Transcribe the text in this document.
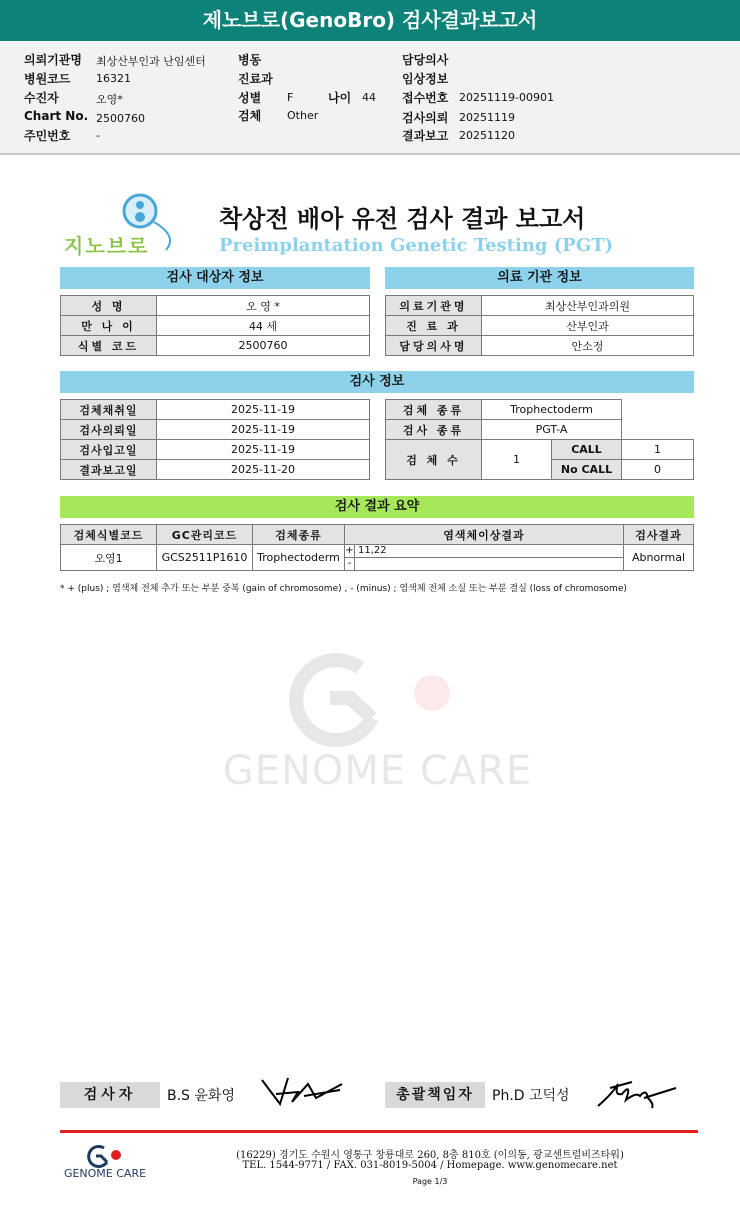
제노브로(GenoBro) 검사결과보고서
의뢰기관명 최상산부인과 난임센터
병원코드 16321
수진자	오영*
Chart No. 2500760
주민번호 -
병동
진료과
성별 F	나이 44
검체 Other
담당의사
임상정보
접수번호 20251119-00901
검사의뢰 20251119
결과보고 20251120
지노브로
착상전 배아 유전 검사 결과 보고서
Preimplantation Genetic Testing (PGT)
검사 대상자 정보
성 명	오 영 *
만 나 이	44 세
식별 코드	2500760
의료 기관 정보
의료기관명	최상산부인과의원
진 료 과	산부인과
담당의사명	안소정
검사 정보
검체채취일	2025-11-19
검사의뢰일	2025-11-19
검사입고일	2025-11-19
결과보고일	2025-11-20
검체 종류	Trophectoderm		
검사 종류	PGT-A		
검 체 수	1	CALL	1
		No CALL	0
검사 결과 요약
검체식별코드	GC관리코드	검체종류	염색체이상결과		검사결과
오영1	GCS2511P1610	Trophectoderm	+	11,22	Abnormal
			-		
* + (plus) ; 염색체 전체 추가 또는 부분 중복 (gain of chromosome) , - (minus) ; 염색체 전체 소실 또는 부분 결실 (loss of chromosome)
GENOME CARE
검사자	B.S 윤화영	총괄책임자	Ph.D 고덕성
GENOME CARE
(16229) 경기도 수원시 영통구 창룡대로 260, 8층 810호 (이의동, 광교센트럴비즈타워)
TEL. 1544-9771 / FAX. 031-8019-5004 / Homepage. www.genomecare.net
Page 1/3
